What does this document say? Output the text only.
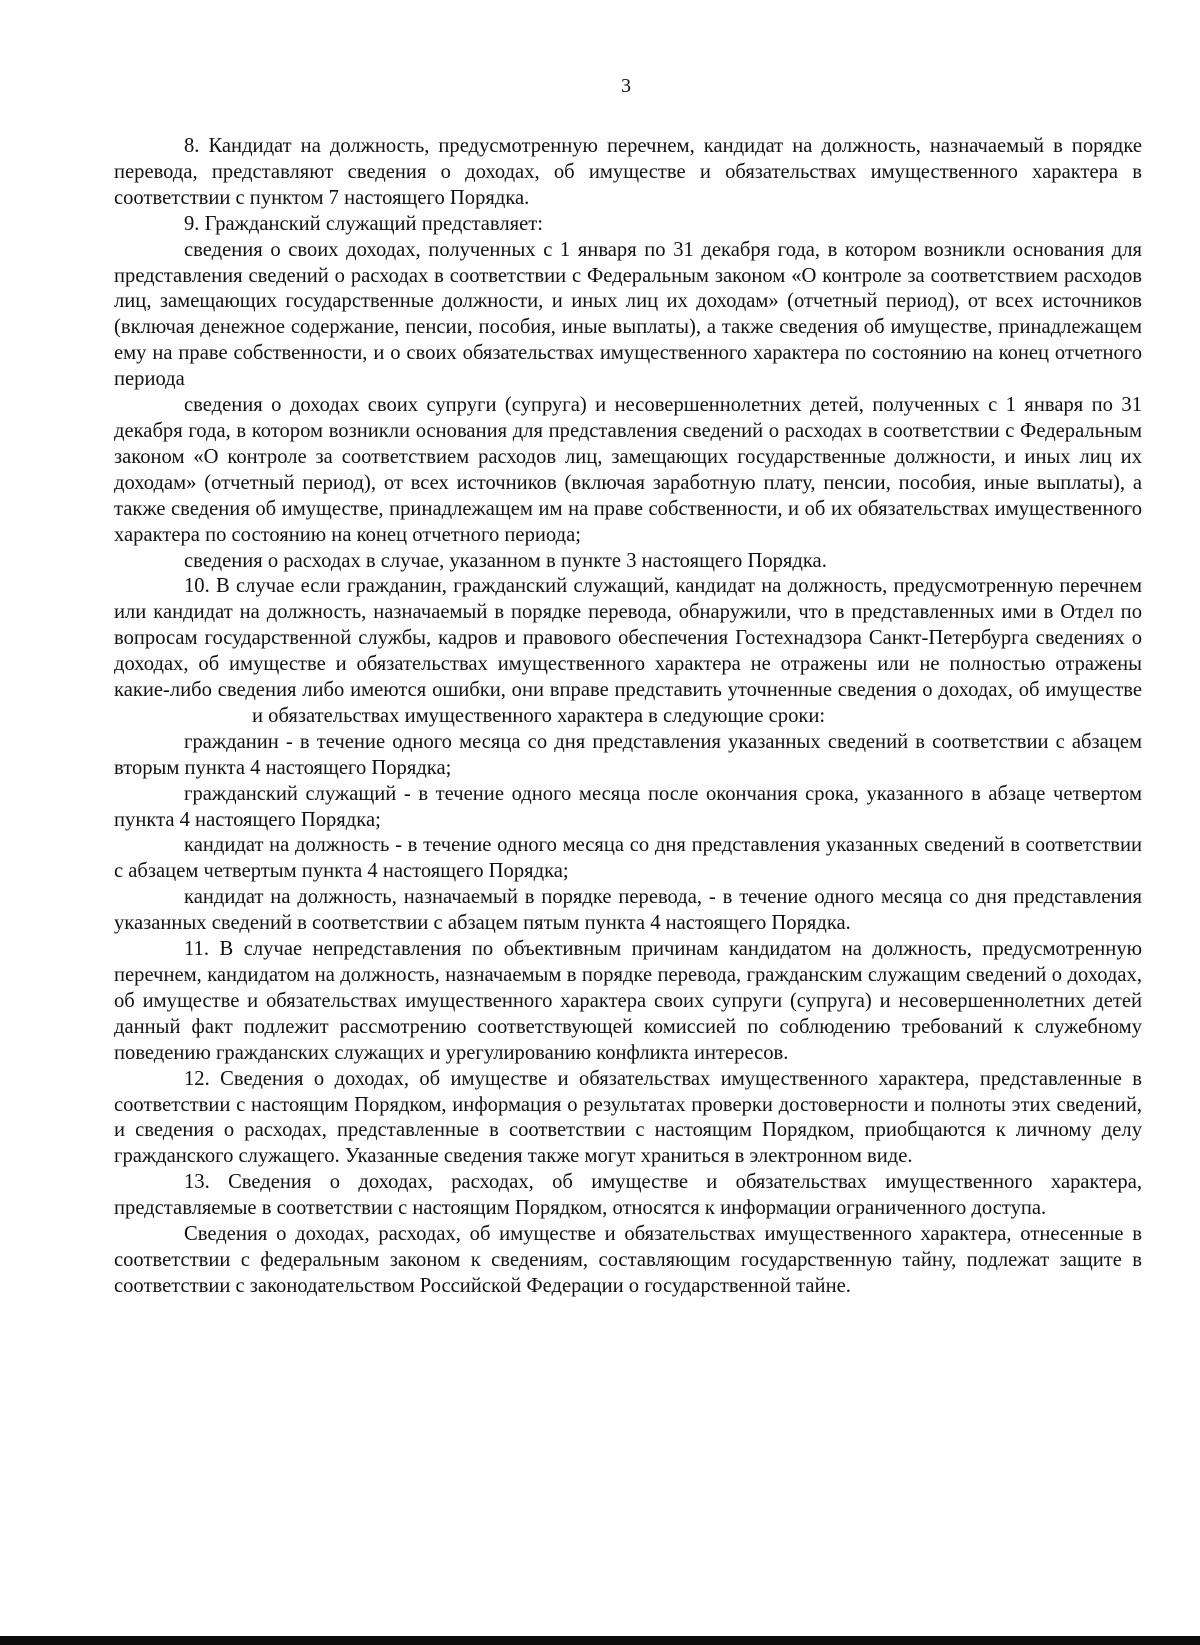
3

8. Кандидат на должность, предусмотренную перечнем, кандидат на должность, назначаемый в порядке перевода, представляют сведения о доходах, об имуществе и обязательствах имущественного характера в соответствии с пунктом 7 настоящего Порядка.

9. Гражданский служащий представляет:

сведения о своих доходах, полученных с 1 января по 31 декабря года, в котором возникли основания для представления сведений о расходах в соответствии с Федеральным законом «О контроле за соответствием расходов лиц, замещающих государственные должности, и иных лиц их доходам» (отчетный период), от всех источников (включая денежное содержание, пенсии, пособия, иные выплаты), а также сведения об имуществе, принадлежащем ему на праве собственности, и о своих обязательствах имущественного характера по состоянию на конец отчетного периода

сведения о доходах своих супруги (супруга) и несовершеннолетних детей, полученных с 1 января по 31 декабря года, в котором возникли основания для представления сведений о расходах в соответствии с Федеральным законом «О контроле за соответствием расходов лиц, замещающих государственные должности, и иных лиц их доходам» (отчетный период), от всех источников (включая заработную плату, пенсии, пособия, иные выплаты), а также сведения об имуществе, принадлежащем им на праве собственности, и об их обязательствах имущественного характера по состоянию на конец отчетного периода;

сведения о расходах в случае, указанном в пункте 3 настоящего Порядка.

10. В случае если гражданин, гражданский служащий, кандидат на должность, предусмотренную перечнем или кандидат на должность, назначаемый в порядке перевода, обнаружили, что в представленных ими в Отдел по вопросам государственной службы, кадров и правового обеспечения Гостехнадзора Санкт-Петербурга сведениях о доходах, об имуществе и обязательствах имущественного характера не отражены или не полностью отражены какие-либо сведения либо имеются ошибки, они вправе представить уточненные сведения о доходах, об имуществеи обязательствах имущественного характера в следующие сроки:

гражданин - в течение одного месяца со дня представления указанных сведений в соответствии с абзацем вторым пункта 4 настоящего Порядка;

гражданский служащий - в течение одного месяца после окончания срока, указанного в абзаце четвертом пункта 4 настоящего Порядка;

кандидат на должность - в течение одного месяца со дня представления указанных сведений в соответствии с абзацем четвертым пункта 4 настоящего Порядка;

кандидат на должность, назначаемый в порядке перевода, - в течение одного месяца со дня представления указанных сведений в соответствии с абзацем пятым пункта 4 настоящего Порядка.

11. В случае непредставления по объективным причинам кандидатом на должность, предусмотренную перечнем, кандидатом на должность, назначаемым в порядке перевода, гражданским служащим сведений о доходах, об имуществе и обязательствах имущественного характера своих супруги (супруга) и несовершеннолетних детей данный факт подлежит рассмотрению соответствующей комиссией по соблюдению требований к служебному поведению гражданских служащих и урегулированию конфликта интересов.

12. Сведения о доходах, об имуществе и обязательствах имущественного характера, представленные в соответствии с настоящим Порядком, информация о результатах проверки достоверности и полноты этих сведений, и сведения о расходах, представленные в соответствии с настоящим Порядком, приобщаются к личному делу гражданского служащего. Указанные сведения также могут храниться в электронном виде.

13. Сведения о доходах, расходах, об имуществе и обязательствах имущественного характера, представляемые в соответствии с настоящим Порядком, относятся к информации ограниченного доступа.

Сведения о доходах, расходах, об имуществе и обязательствах имущественного характера, отнесенные в соответствии с федеральным законом к сведениям, составляющим государственную тайну, подлежат защите в соответствии с законодательством Российской Федерации о государственной тайне.
